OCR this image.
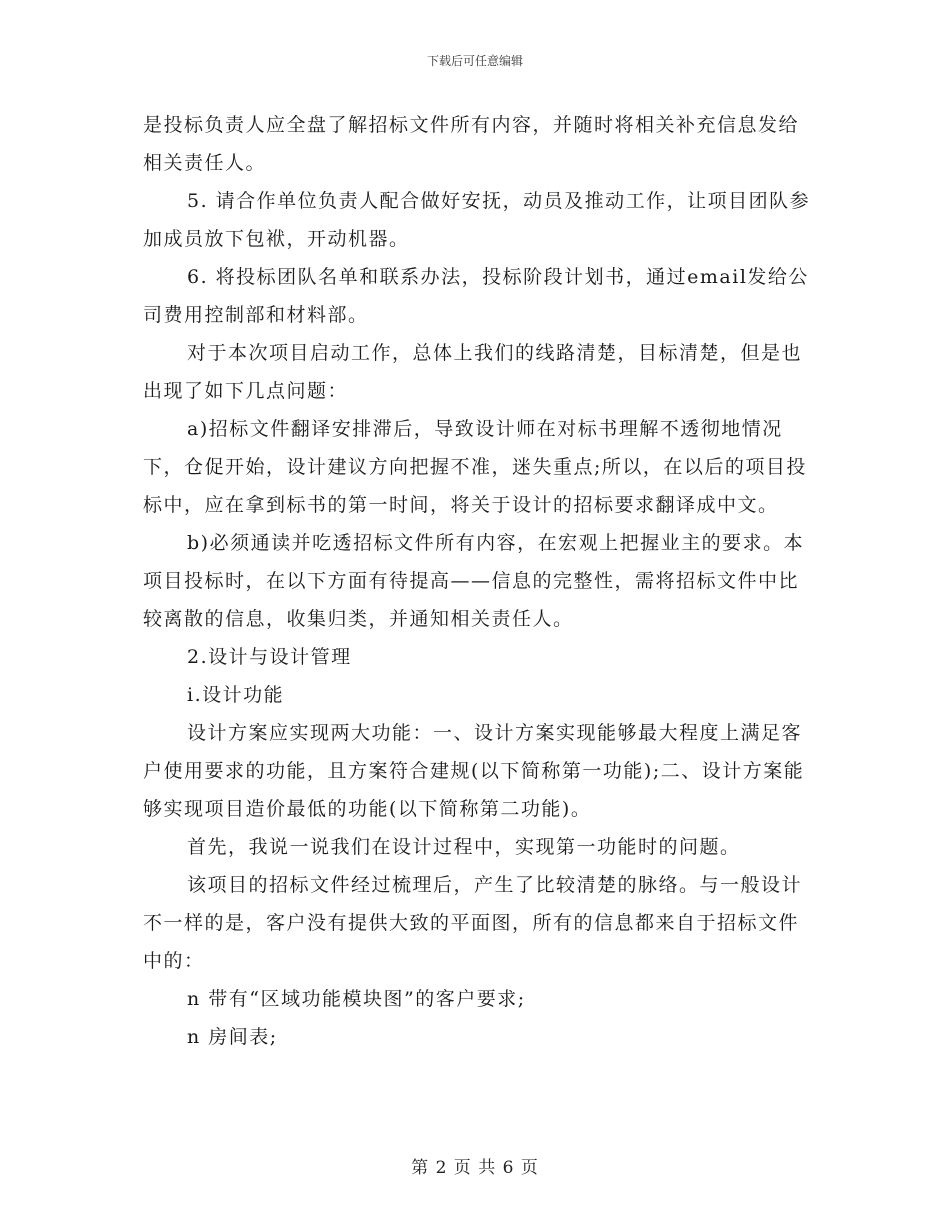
下载后可任意编辑

是投标负责人应全盘了解招标文件所有内容，并随时将相关补充信息发给相关责任人。

5. 请合作单位负责人配合做好安抚，动员及推动工作，让项目团队参加成员放下包袱，开动机器。

6. 将投标团队名单和联系办法，投标阶段计划书，通过email发给公司费用控制部和材料部。

对于本次项目启动工作，总体上我们的线路清楚，目标清楚，但是也出现了如下几点问题：

a)招标文件翻译安排滞后，导致设计师在对标书理解不透彻地情况下，仓促开始，设计建议方向把握不准，迷失重点;所以，在以后的项目投标中，应在拿到标书的第一时间，将关于设计的招标要求翻译成中文。

b)必须通读并吃透招标文件所有内容，在宏观上把握业主的要求。本项目投标时，在以下方面有待提高——信息的完整性，需将招标文件中比较离散的信息，收集归类，并通知相关责任人。

2.设计与设计管理

i.设计功能

设计方案应实现两大功能：一、设计方案实现能够最大程度上满足客户使用要求的功能，且方案符合建规(以下简称第一功能);二、设计方案能够实现项目造价最低的功能(以下简称第二功能)。

首先，我说一说我们在设计过程中，实现第一功能时的问题。

该项目的招标文件经过梳理后，产生了比较清楚的脉络。与一般设计不一样的是，客户没有提供大致的平面图，所有的信息都来自于招标文件中的：

n 带有“区域功能模块图”的客户要求;

n 房间表;

第 2 页 共 6 页
